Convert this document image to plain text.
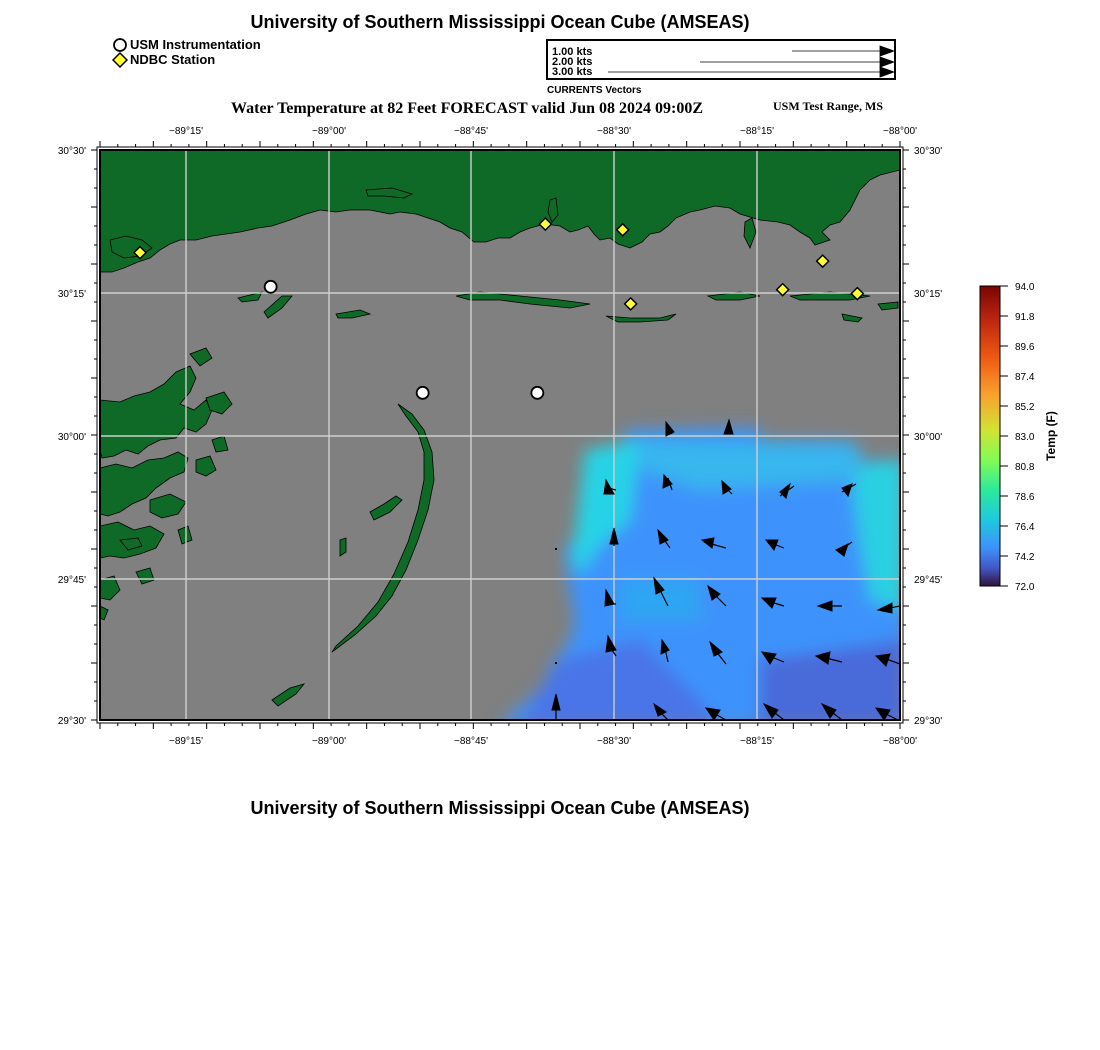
University of Southern Mississippi Ocean Cube (AMSEAS)
USM Instrumentation
NDBC Station	1.00 kts
2.00 kts
3.00 kts
CURRENTS Vectors
Water Temperature at 82 Feet FORECAST valid Jun 08 2024 09:00Z	USM Test Range, MS
−89°15'	−89°00'	−88°45'	−88°30'	−88°15'	−88°00'
−89°15'	−89°00'	−88°45'	−88°30'	−88°15'	−88°00'
30°30'
30°15'
30°00'
29°45'
29°30'
30°30'
30°15'
30°00'
29°45'
29°30'
94.0
91.8
89.6
87.4
85.2
83.0
80.8
78.6
76.4
74.2
72.0
Temp (F)
University of Southern Mississippi Ocean Cube (AMSEAS)
